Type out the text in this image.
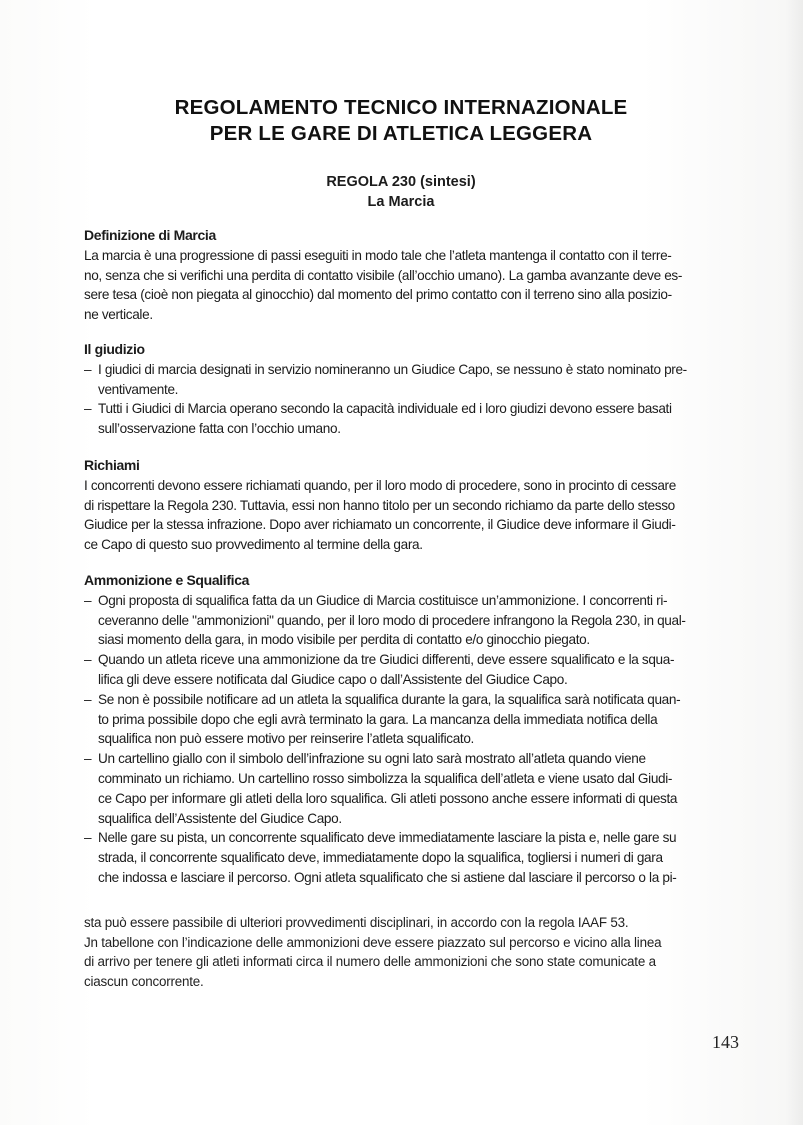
REGOLAMENTO TECNICO INTERNAZIONALE
PER LE GARE DI ATLETICA LEGGERA
REGOLA 230 (sintesi)
La Marcia
Definizione di Marcia
La marcia è una progressione di passi eseguiti in modo tale che l’atleta mantenga il contatto con il terre-
no, senza che si verifichi una perdita di contatto visibile (all’occhio umano). La gamba avanzante deve es-
sere tesa (cioè non piegata al ginocchio) dal momento del primo contatto con il terreno sino alla posizio-
ne verticale.
Il giudizio
– I giudici di marcia designati in servizio nomineranno un Giudice Capo, se nessuno è stato nominato pre-
ventivamente.
– Tutti i Giudici di Marcia operano secondo la capacità individuale ed i loro giudizi devono essere basati
sull’osservazione fatta con l’occhio umano.
Richiami
I concorrenti devono essere richiamati quando, per il loro modo di procedere, sono in procinto di cessare
di rispettare la Regola 230. Tuttavia, essi non hanno titolo per un secondo richiamo da parte dello stesso
Giudice per la stessa infrazione. Dopo aver richiamato un concorrente, il Giudice deve informare il Giudi-
ce Capo di questo suo provvedimento al termine della gara.
Ammonizione e Squalifica
– Ogni proposta di squalifica fatta da un Giudice di Marcia costituisce un’ammonizione. I concorrenti ri-
ceveranno delle "ammonizioni" quando, per il loro modo di procedere infrangono la Regola 230, in qual-
siasi momento della gara, in modo visibile per perdita di contatto e/o ginocchio piegato.
– Quando un atleta riceve una ammonizione da tre Giudici differenti, deve essere squalificato e la squa-
lifica gli deve essere notificata dal Giudice capo o dall’Assistente del Giudice Capo.
– Se non è possibile notificare ad un atleta la squalifica durante la gara, la squalifica sarà notificata quan-
to prima possibile dopo che egli avrà terminato la gara. La mancanza della immediata notifica della
squalifica non può essere motivo per reinserire l’atleta squalificato.
– Un cartellino giallo con il simbolo dell’infrazione su ogni lato sarà mostrato all’atleta quando viene
comminato un richiamo. Un cartellino rosso simbolizza la squalifica dell’atleta e viene usato dal Giudi-
ce Capo per informare gli atleti della loro squalifica. Gli atleti possono anche essere informati di questa
squalifica dell’Assistente del Giudice Capo.
– Nelle gare su pista, un concorrente squalificato deve immediatamente lasciare la pista e, nelle gare su
strada, il concorrente squalificato deve, immediatamente dopo la squalifica, togliersi i numeri di gara
che indossa e lasciare il percorso. Ogni atleta squalificato che si astiene dal lasciare il percorso o la pi-
sta può essere passibile di ulteriori provvedimenti disciplinari, in accordo con la regola IAAF 53.
Jn tabellone con l’indicazione delle ammonizioni deve essere piazzato sul percorso e vicino alla linea
di arrivo per tenere gli atleti informati circa il numero delle ammonizioni che sono state comunicate a
ciascun concorrente.
143
